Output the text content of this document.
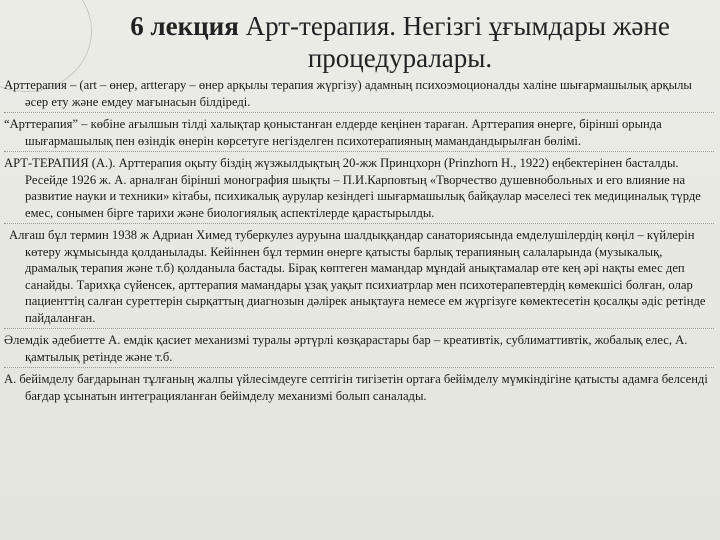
6 лекция Арт-терапия. Негізгі ұғымдары және процедуралары.

Арттерапия – (art – өнер, arttегару – өнер арқылы терапия жүргізу) адамның психоэмоционалды халіне шығармашылық арқылы әсер ету және емдеу мағынасын білдіреді.

“Арттерапия” – көбіне ағылшын тілді халықтар қоныстанған елдерде кеңінен тараған. Арттерапия өнерге, бірінші орында шығармашылық пен өзіндік өнерін көрсетуге негізделген психотерапияның мамандандырылған бөлімі.

АРТ-ТЕРАПИЯ (А.). Арттерапия оқыту біздің жүзжылдықтың 20-жж Принцхорн (Prinzhorn Н., 1922) еңбектерінен басталды. Ресейде 1926 ж. А. арналған бірінші монография шықты – П.И.Карповтың «Творчество душевнобольных и его влияние на развитие науки и техники» кітабы, психикалық аурулар кезіндегі шығармашылық байқаулар мәселесі тек медициналық түрде емес, сонымен бірге тарихи және биологиялық аспектілерде қарастырылды.

Алғаш бұл термин 1938 ж Адриан Химед туберкулез ауруына шалдыққандар санаториясында емделушілердің көңіл – күйлерін көтеру жұмысында қолданылады. Кейіннен бұл термин өнерге қатысты барлық терапияның салаларында (музыкалық, драмалық терапия және т.б) қолданыла бастады. Бірақ көптеген мамандар мұндай анықтамалар өте кең әрі нақты емес деп санайды. Тарихқа сүйенсек, арттерапия мамандары ұзақ уақыт психиатрлар мен психотерапевтердің көмекшісі болған, олар пациенттің салған суреттерін сырқаттың диагнозын дәлірек анықтауға немесе ем жүргізуге көмектесетін қосалқы әдіс ретінде пайдаланған.

Әлемдік әдебиетте А. емдік қасиет механизмі туралы әртүрлі көзқарастары бар – креативтік, сублиматтивтік, жобалық елес, А. қамтылық ретінде және т.б.

А. бейімделу бағдарынан тұлғаның жалпы үйлесімдеуге септігін тигізетін ортаға бейімделу мүмкіндігіне қатысты адамға белсенді бағдар ұсынатын интеграцияланған бейімделу механизмі болып саналады.
